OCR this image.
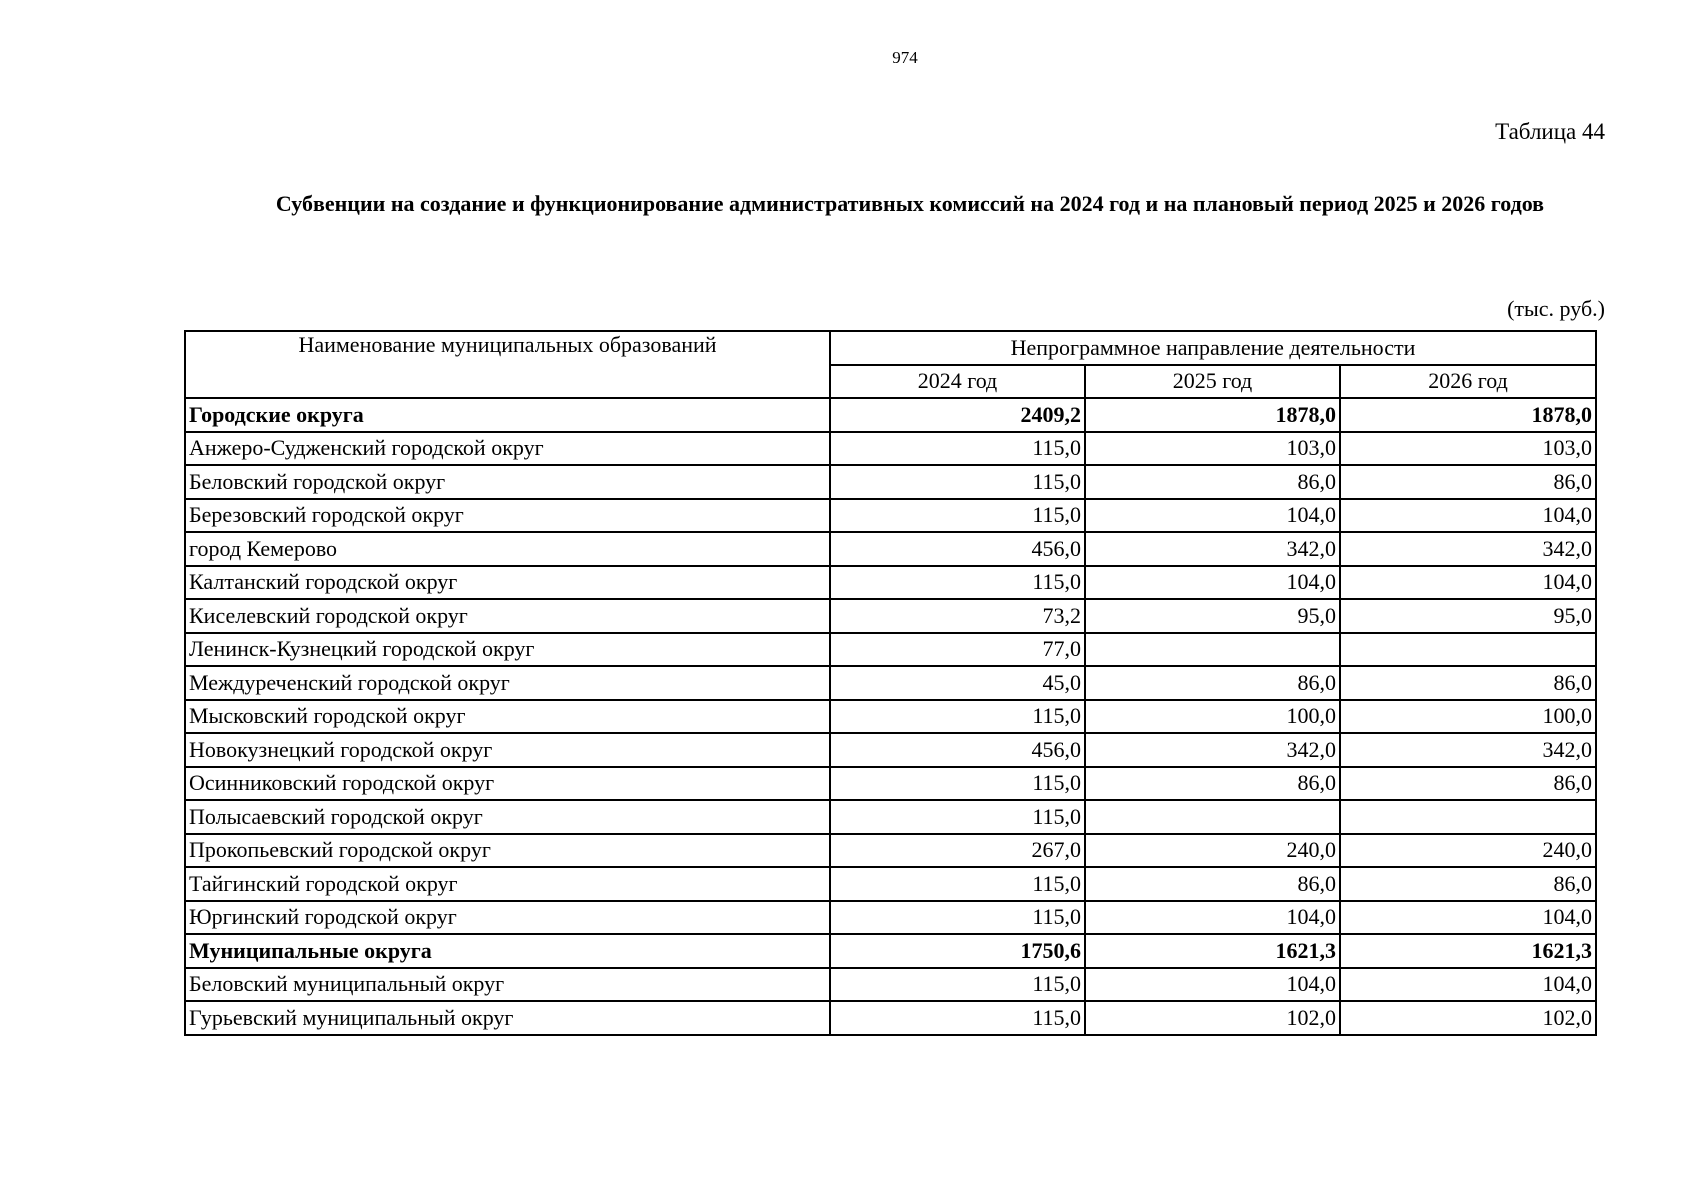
974
Таблица 44
Субвенции на создание и функционирование административных комиссий на 2024 год и на плановый период 2025 и 2026 годов
(тыс. руб.)
Наименование муниципальных образований	Непрограммное направление деятельности		
	2024 год	2025 год	2026 год
Городские округа	2409,2	1878,0	1878,0
Анжеро-Судженский городской округ	115,0	103,0	103,0
Беловский городской округ	115,0	86,0	86,0
Березовский городской округ	115,0	104,0	104,0
город Кемерово	456,0	342,0	342,0
Калтанский городской округ	115,0	104,0	104,0
Киселевский городской округ	73,2	95,0	95,0
Ленинск-Кузнецкий городской округ	77,0		
Междуреченский городской округ	45,0	86,0	86,0
Мысковский городской округ	115,0	100,0	100,0
Новокузнецкий городской округ	456,0	342,0	342,0
Осинниковский городской округ	115,0	86,0	86,0
Полысаевский городской округ	115,0		
Прокопьевский городской округ	267,0	240,0	240,0
Тайгинский городской округ	115,0	86,0	86,0
Юргинский городской округ	115,0	104,0	104,0
Муниципальные округа	1750,6	1621,3	1621,3
Беловский муниципальный округ	115,0	104,0	104,0
Гурьевский муниципальный округ	115,0	102,0	102,0
